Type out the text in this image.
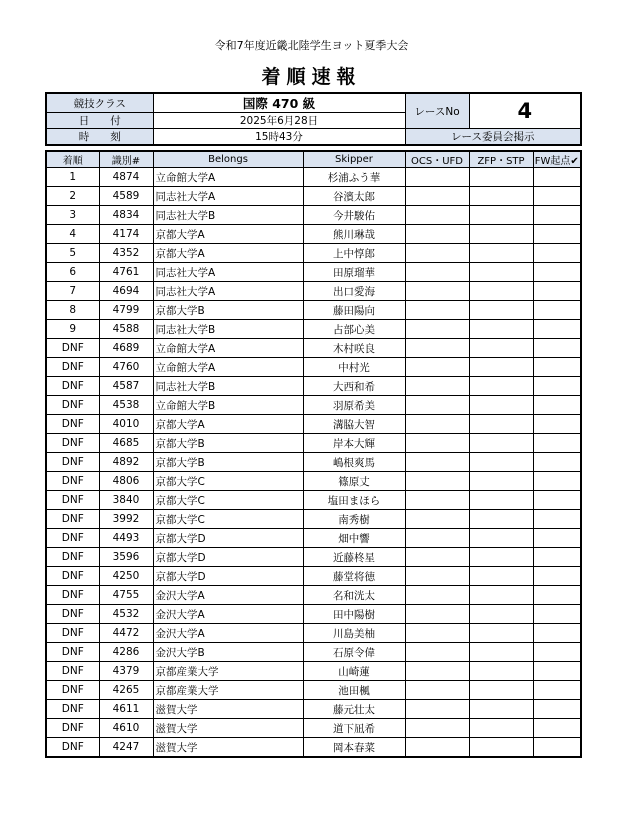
令和7年度近畿北陸学生ヨット夏季大会
着順速報
競技クラス	国際 470 級	レースNo	4
日　　付	2025年6月28日		
時　　刻	15時43分	レース委員会掲示	
着順	識別#	Belongs	Skipper	OCS・UFD	ZFP・STP	FW起点✔
1	4874	立命館大学A	杉浦ふう華			
2	4589	同志社大学A	谷濱太郎			
3	4834	同志社大学B	今井駿佑			
4	4174	京都大学A	熊川琳哉			
5	4352	京都大学A	上中惇郎			
6	4761	同志社大学A	田原瑠華			
7	4694	同志社大学A	出口愛海			
8	4799	京都大学B	藤田陽向			
9	4588	同志社大学B	占部心美			
DNF	4689	立命館大学A	木村咲良			
DNF	4760	立命館大学A	中村光			
DNF	4587	同志社大学B	大西和希			
DNF	4538	立命館大学B	羽原希美			
DNF	4010	京都大学A	溝脇大智			
DNF	4685	京都大学B	岸本大輝			
DNF	4892	京都大学B	嶋根爽馬			
DNF	4806	京都大学C	篠原丈			
DNF	3840	京都大学C	塩田まほら			
DNF	3992	京都大学C	南秀樹			
DNF	4493	京都大学D	畑中響			
DNF	3596	京都大学D	近藤柊星			
DNF	4250	京都大学D	藤堂将徳			
DNF	4755	金沢大学A	名和洸太			
DNF	4532	金沢大学A	田中陽樹			
DNF	4472	金沢大学A	川島美柚			
DNF	4286	金沢大学B	石原令偉			
DNF	4379	京都産業大学	山崎蓮			
DNF	4265	京都産業大学	池田楓			
DNF	4611	滋賀大学	藤元壮太			
DNF	4610	滋賀大学	道下凪希			
DNF	4247	滋賀大学	岡本春菜			
